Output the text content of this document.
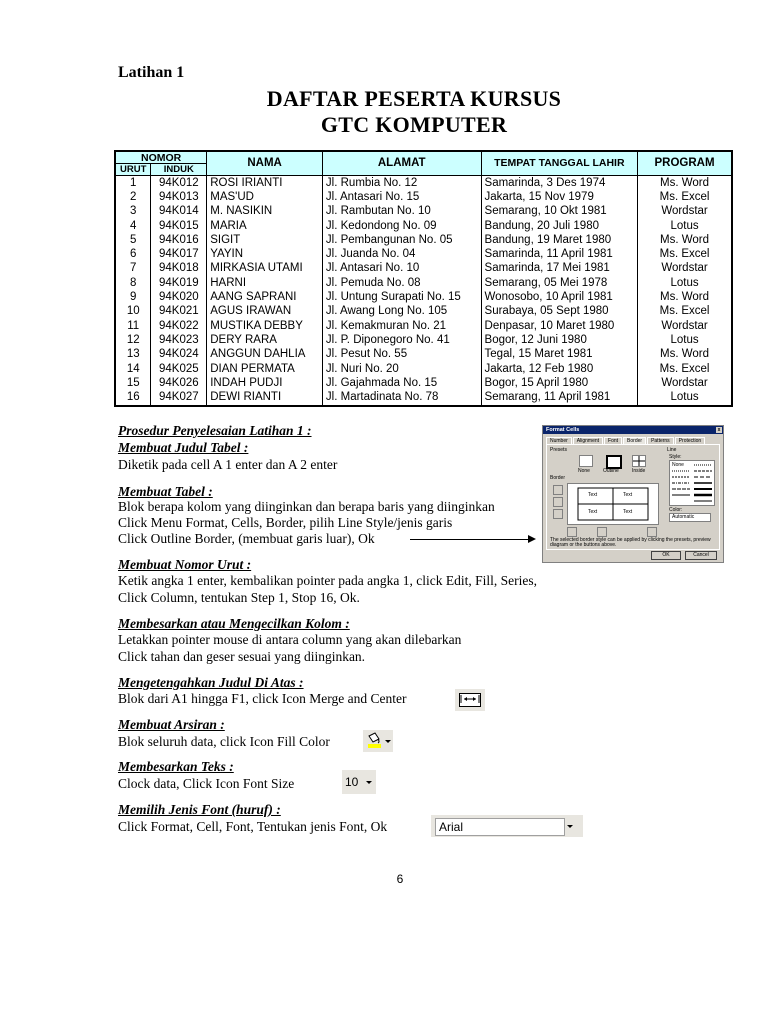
Latihan 1
DAFTAR PESERTA KURSUS
GTC KOMPUTER
NOMOR		NAMA	ALAMAT	TEMPAT TANGGAL LAHIR	PROGRAM
URUT	INDUK				
1	94K012	ROSI IRIANTI	Jl. Rumbia No. 12	Samarinda, 3 Des 1974	Ms. Word
2	94K013	MAS'UD	Jl. Antasari No. 15	Jakarta, 15 Nov 1979	Ms. Excel
3	94K014	M. NASIKIN	Jl. Rambutan No. 10	Semarang, 10 Okt 1981	Wordstar
4	94K015	MARIA	Jl. Kedondong No. 09	Bandung, 20 Juli 1980	Lotus
5	94K016	SIGIT	Jl. Pembangunan No. 05	Bandung, 19 Maret 1980	Ms. Word
6	94K017	YAYIN	Jl. Juanda No. 04	Samarinda, 11 April 1981	Ms. Excel
7	94K018	MIRKASIA UTAMI	Jl. Antasari No. 10	Samarinda, 17 Mei 1981	Wordstar
8	94K019	HARNI	Jl. Pemuda No. 08	Semarang, 05 Mei 1978	Lotus
9	94K020	AANG SAPRANI	Jl. Untung Surapati No. 15	Wonosobo, 10 April 1981	Ms. Word
10	94K021	AGUS IRAWAN	Jl. Awang Long No. 105	Surabaya, 05 Sept 1980	Ms. Excel
11	94K022	MUSTIKA DEBBY	Jl. Kemakmuran No. 21	Denpasar, 10 Maret 1980	Wordstar
12	94K023	DERY RARA	Jl. P. Diponegoro No. 41	Bogor, 12 Juni 1980	Lotus
13	94K024	ANGGUN DAHLIA	Jl. Pesut No. 55	Tegal, 15 Maret 1981	Ms. Word
14	94K025	DIAN PERMATA	Jl. Nuri No. 20	Jakarta, 12 Feb 1980	Ms. Excel
15	94K026	INDAH PUDJI	Jl. Gajahmada No. 15	Bogor, 15 April 1980	Wordstar
16	94K027	DEWI RIANTI	Jl. Martadinata No. 78	Semarang, 11 April 1981	Lotus
Prosedur Penyelesaian Latihan 1 :
Membuat Judul Tabel :
Diketik pada cell A 1 enter dan A 2 enter
Membuat Tabel :
Blok berapa kolom yang diinginkan dan berapa baris yang diinginkan
Click Menu Format, Cells, Border, pilih Line Style/jenis garis
Click Outline Border, (membuat garis luar), Ok
Membuat Nomor Urut :
Ketik angka 1 enter, kembalikan pointer pada angka 1, click Edit, Fill, Series,
Click Column, tentukan Step 1, Stop 16, Ok.
Membesarkan atau Mengecilkan Kolom :
Letakkan pointer mouse di antara column yang akan dilebarkan
Click tahan dan geser sesuai yang diinginkan.
Mengetengahkan Judul Di Atas :
Blok dari A1 hingga F1, click Icon Merge and Center
Membuat Arsiran :
Blok seluruh data, click Icon Fill Color
Membesarkan Teks :
Clock data, Click Icon Font Size	10
Memilih Jenis Font (huruf) :
Click Format, Cell, Font, Tentukan jenis Font, Ok	Arial
6
Format Cells	x
Number	Alignment	Font	Border	Patterns	Protection
Presets
None	Outline	Inside
Border
Text	Text
Text	Text
Line
Style:
None
Color:
Automatic
The selected border style can be applied by clicking the presets, preview diagram or the buttons above.
OK	Cancel
